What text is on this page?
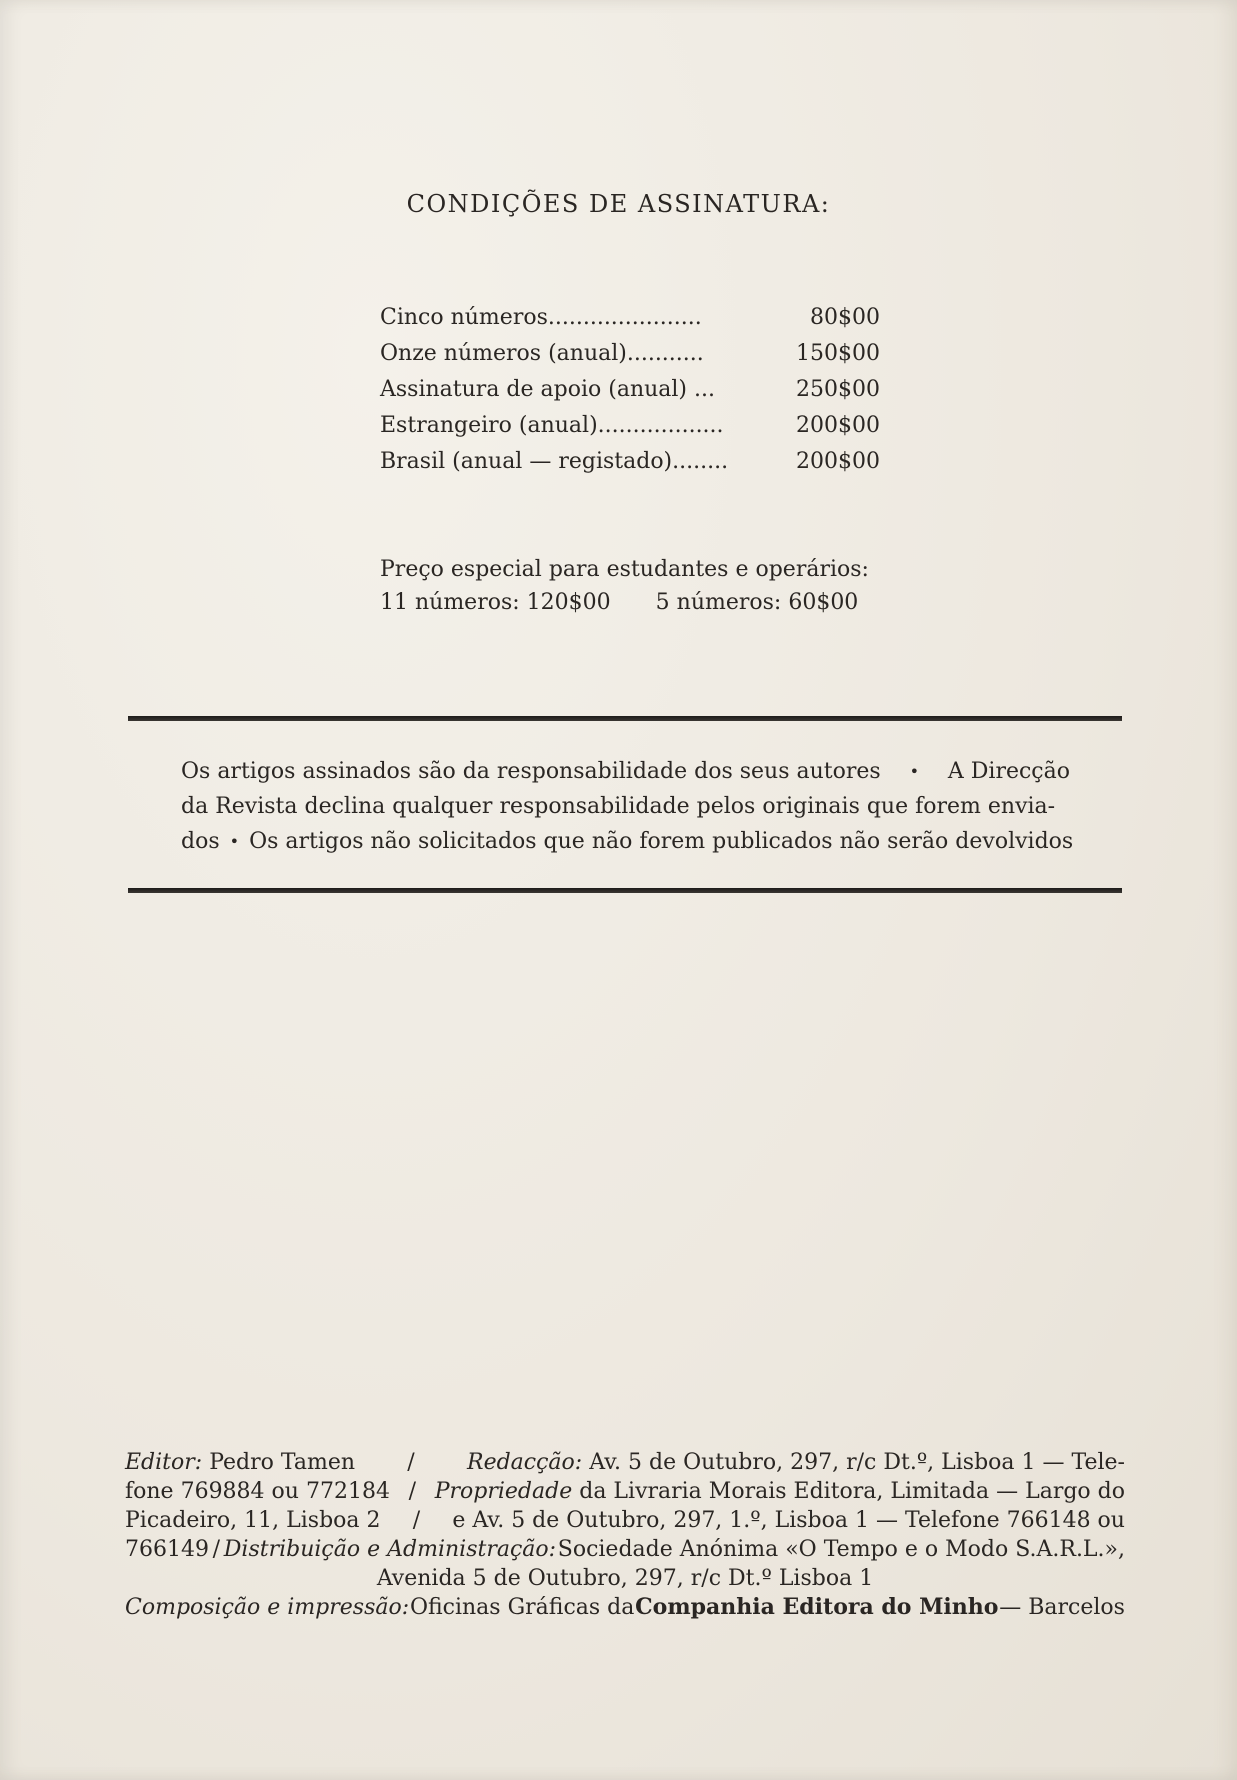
CONDIÇÕES DE ASSINATURA:
Cinco números......................	80$00
Onze números (anual)...........	150$00
Assinatura de apoio (anual) ...	250$00
Estrangeiro (anual)..................	200$00
Brasil (anual — registado)........	200$00
Preço especial para estudantes e operários:
11 números: 120$00 5 números: 60$00
Os artigos assinados são da responsabilidade dos seus autores	•	A Direcção
da Revista declina qualquer responsabilidade pelos originais que forem envia-
dos • Os artigos não solicitados que não forem publicados não serão devolvidos
Editor: Pedro Tamen / Redacção: Av. 5 de Outubro, 297, r/c Dt.º, Lisboa 1 — Tele-
fone 769884 ou 772184 / Propriedade da Livraria Morais Editora, Limitada — Largo do
Picadeiro, 11, Lisboa 2 / e Av. 5 de Outubro, 297, 1.º, Lisboa 1 — Telefone 766148 ou
766149 / Distribuição e Administração: Sociedade Anónima «O Tempo e o Modo S.A.R.L.»,
Avenida 5 de Outubro, 297, r/c Dt.º Lisboa 1
Composição e impressão: Oficinas Gráficas da Companhia Editora do Minho — Barcelos
